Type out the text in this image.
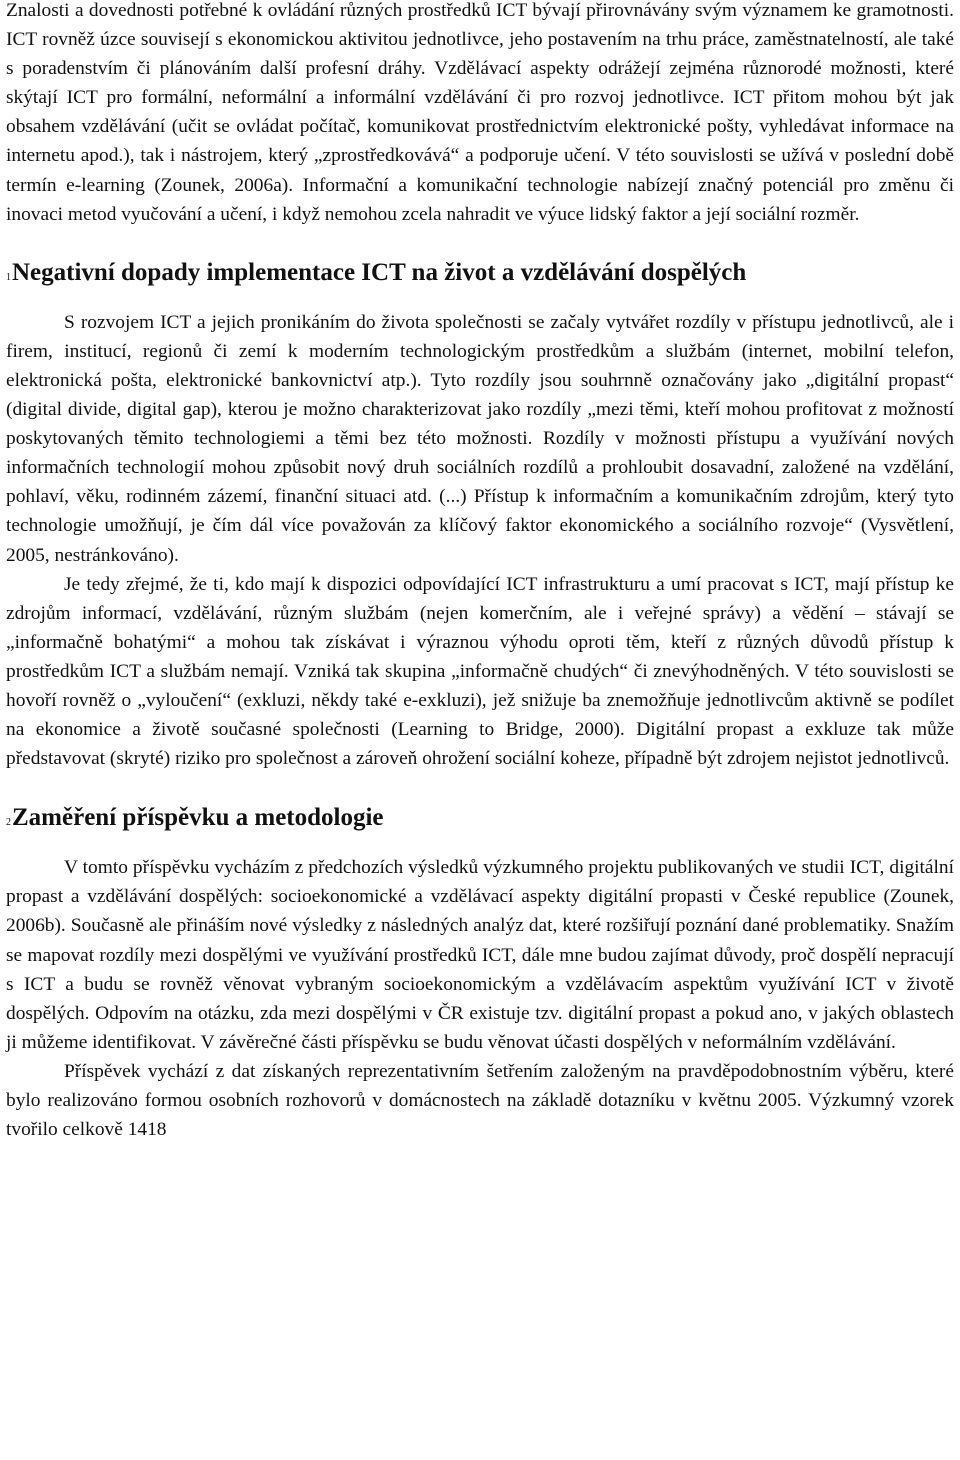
Znalosti a dovednosti potřebné k ovládání různých prostředků ICT bývají přirovnávány svým významem ke gramotnosti. ICT rovněž úzce souvisejí s ekonomickou aktivitou jednotlivce, jeho postavením na trhu práce, zaměstnatelností, ale také s poradenstvím či plánováním další profesní dráhy. Vzdělávací aspekty odrážejí zejména různorodé možnosti, které skýtají ICT pro formální, neformální a informální vzdělávání či pro rozvoj jednotlivce. ICT přitom mohou být jak obsahem vzdělávání (učit se ovládat počítač, komunikovat prostřednictvím elektronické pošty, vyhledávat informace na internetu apod.), tak i nástrojem, který „zprostředkovává“ a podporuje učení. V této souvislosti se užívá v poslední době termín e-learning (Zounek, 2006a). Informační a komunikační technologie nabízejí značný potenciál pro změnu či inovaci metod vyučování a učení, i když nemohou zcela nahradit ve výuce lidský faktor a její sociální rozměr.

1Negativní dopady implementace ICT na život a vzdělávání dospělých

S rozvojem ICT a jejich pronikáním do života společnosti se začaly vytvářet rozdíly v přístupu jednotlivců, ale i firem, institucí, regionů či zemí k moderním technologickým prostředkům a službám (internet, mobilní telefon, elektronická pošta, elektronické bankovnictví atp.). Tyto rozdíly jsou souhrnně označovány jako „digitální propast“ (digital divide, digital gap), kterou je možno charakterizovat jako rozdíly „mezi těmi, kteří mohou profitovat z možností poskytovaných těmito technologiemi a těmi bez této možnosti. Rozdíly v možnosti přístupu a využívání nových informačních technologií mohou způsobit nový druh sociálních rozdílů a prohloubit dosavadní, založené na vzdělání, pohlaví, věku, rodinném zázemí, finanční situaci atd. (...) Přístup k informačním a komunikačním zdrojům, který tyto technologie umožňují, je čím dál více považován za klíčový faktor ekonomického a sociálního rozvoje“ (Vysvětlení, 2005, nestránkováno).

Je tedy zřejmé, že ti, kdo mají k dispozici odpovídající ICT infrastrukturu a umí pracovat s ICT, mají přístup ke zdrojům informací, vzdělávání, různým službám (nejen komerčním, ale i veřejné správy) a vědění – stávají se „informačně bohatými“ a mohou tak získávat i výraznou výhodu oproti těm, kteří z různých důvodů přístup k prostředkům ICT a službám nemají. Vzniká tak skupina „informačně chudých“ či znevýhodněných. V této souvislosti se hovoří rovněž o „vyloučení“ (exkluzi, někdy také e-exkluzi), jež snižuje ba znemožňuje jednotlivcům aktivně se podílet na ekonomice a životě současné společnosti (Learning to Bridge, 2000). Digitální propast a exkluze tak může představovat (skryté) riziko pro společnost a zároveň ohrožení sociální koheze, případně být zdrojem nejistot jednotlivců.

2Zaměření příspěvku a metodologie

V tomto příspěvku vycházím z předchozích výsledků výzkumného projektu publikovaných ve studii ICT, digitální propast a vzdělávání dospělých: socioekonomické a vzdělávací aspekty digitální propasti v České republice (Zounek, 2006b). Současně ale přináším nové výsledky z následných analýz dat, které rozšiřují poznání dané problematiky. Snažím se mapovat rozdíly mezi dospělými ve využívání prostředků ICT, dále mne budou zajímat důvody, proč dospělí nepracují s ICT a budu se rovněž věnovat vybraným socioekonomickým a vzdělávacím aspektům využívání ICT v životě dospělých. Odpovím na otázku, zda mezi dospělými v ČR existuje tzv. digitální propast a pokud ano, v jakých oblastech ji můžeme identifikovat. V závěrečné části příspěvku se budu věnovat účasti dospělých v neformálním vzdělávání.

Příspěvek vychází z dat získaných reprezentativním šetřením založeným na pravděpodobnostním výběru, které bylo realizováno formou osobních rozhovorů v domácnostech na základě dotazníku v květnu 2005. Výzkumný vzorek tvořilo celkově 1418
